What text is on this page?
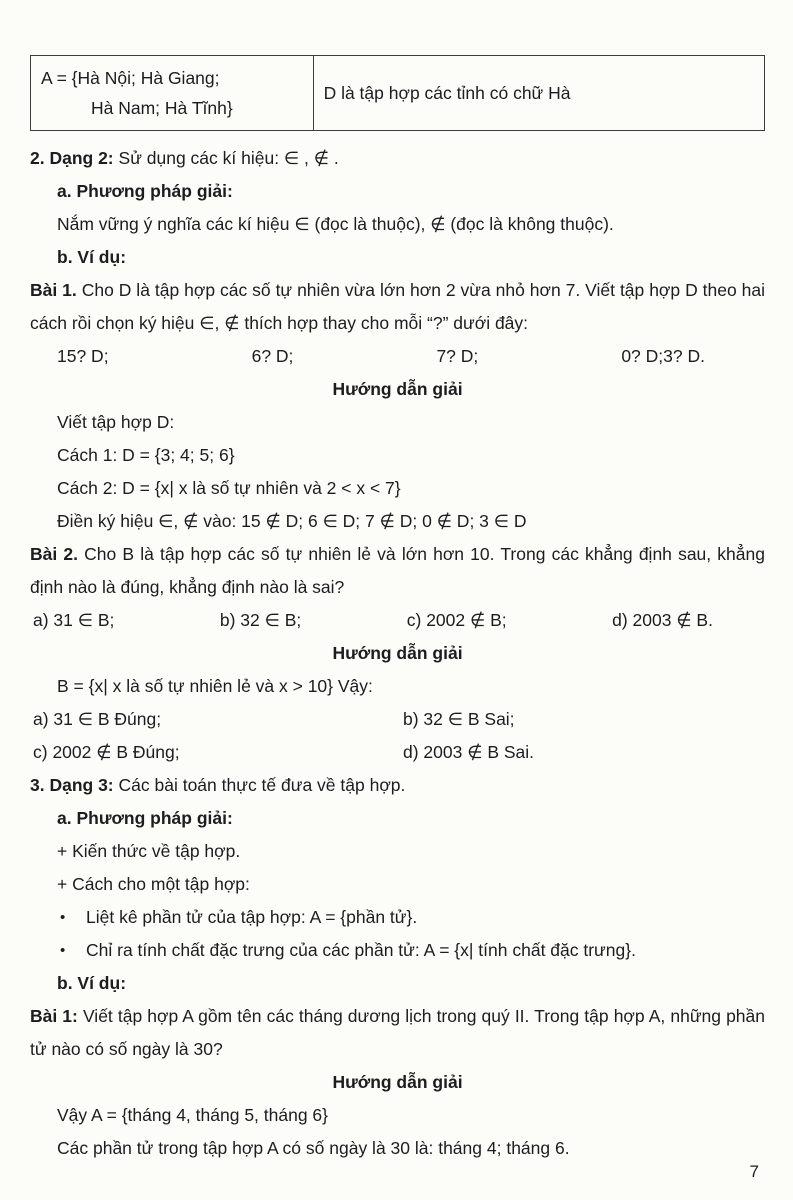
A = {Hà Nội; Hà Giang;
Hà Nam; Hà Tĩnh}
	D là tập hợp các tỉnh có chữ Hà

2. Dạng 2: Sử dụng các kí hiệu: ∈ , ∉ .

a. Phương pháp giải:

Nắm vững ý nghĩa các kí hiệu ∈ (đọc là thuộc), ∉ (đọc là không thuộc).

b. Ví dụ:

Bài 1. Cho D là tập hợp các số tự nhiên vừa lớn hơn 2 vừa nhỏ hơn 7. Viết tập hợp D theo hai cách rồi chọn ký hiệu ∈, ∉ thích hợp thay cho mỗi “?” dưới đây:

15? D;	6? D;	7? D;	0? D;3? D.

Hướng dẫn giải

Viết tập hợp D:

Cách 1: D = {3; 4; 5; 6}

Cách 2: D = {x| x là số tự nhiên và 2 < x < 7}

Điền ký hiệu ∈, ∉ vào: 15 ∉ D; 6 ∈ D; 7 ∉ D; 0 ∉ D; 3 ∈ D

Bài 2. Cho B là tập hợp các số tự nhiên lẻ và lớn hơn 10. Trong các khẳng định sau, khẳng định nào là đúng, khẳng định nào là sai?

a) 31 ∈ B;	b) 32 ∈ B;	c) 2002 ∉ B;	d) 2003 ∉ B.

Hướng dẫn giải

B = {x| x là số tự nhiên lẻ và x > 10} Vậy:

a) 31 ∈ B Đúng;	b) 32 ∈ B Sai;

c) 2002 ∉ B Đúng;	d) 2003 ∉ B Sai.

3. Dạng 3: Các bài toán thực tế đưa về tập hợp.

a. Phương pháp giải:

+ Kiến thức về tập hợp.

+ Cách cho một tập hợp:

•	Liệt kê phần tử của tập hợp: A = {phần tử}.

•	Chỉ ra tính chất đặc trưng của các phần tử: A = {x| tính chất đặc trưng}.

b. Ví dụ:

Bài 1: Viết tập hợp A gồm tên các tháng dương lịch trong quý II. Trong tập hợp A, những phần tử nào có số ngày là 30?

Hướng dẫn giải

Vậy A = {tháng 4, tháng 5, tháng 6}

Các phần tử trong tập hợp A có số ngày là 30 là: tháng 4; tháng 6.

7
